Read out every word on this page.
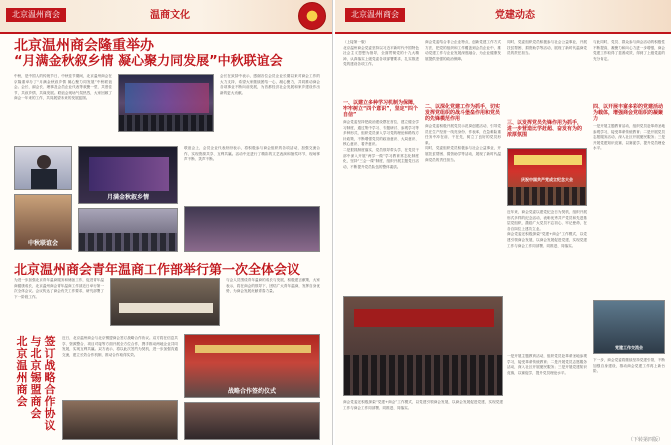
北京温州商会	温商文化
北京温州商会隆重举办
“月满金秋叙乡情 凝心聚力同发展”中秋联谊会
中秋，是中国人的传统节日，中秋佳节期间，北京温州商会在京隆重举办了“月满金秋叙乡情 凝心聚力同发展”中秋联谊会。会长、副会长、理事及会员企业代表等欢聚一堂，共度佳节，共叙乡情，共谋发展。联谊会现场气氛热烈，大家回顾了商会一年来的工作，共同展望未来的发展蓝图。
会长在致辞中表示，感谢各位会员企业长期以来对商会工作的大力支持，希望大家继续团结一心，凝心聚力，共同推动商会各项事业不断向前发展，为首都经济社会发展和家乡建设作出新的更大贡献。
月满金秋叙乡情
联谊会上，会员企业代表纷纷表示，将积极参与商会组织的各项活动，加强交流合作，实现资源共享、互利共赢。活动中还进行了精彩的文艺表演和抽奖环节，现场掌声不断、笑声不断。
中秋联谊会
北京温州商会青年温商工作部举行第一次全体会议
为进一步加强北京青年温商服务和储备工作，促进青年温商健康成长，北京温州商会青年温商工作部近日举行第一次全体会议。会议传达了商会有关工作要求，研究部署了下一阶段工作。
与会人员围绕青年温商的成长与发展，积极建言献策，大家表示，将在商会的领导下，团结广大青年温商，发挥自身优势，为商会发展贡献青春力量。
北京温州商会
与北京锡盟商会
签订战略合作协议
近日，北京温州商会与北京锡盟商会签订战略合作协议。双方将在信息共享、资源整合、项目对接等方面开展全方位合作，携手推动两地企业共同发展，实现互利共赢。双方表示，将以此次签约为契机，进一步加强沟通交流，建立长效合作机制，推动合作取得实效。
战略合作签约仪式
北京温州商会	党建动态
（上接第一版）
北京温州商会党委坚持以习近平新时代中国特色社会主义思想为指导，全面贯彻党的十九大精神，认真落实上级党委各项部署要求，扎实推进党的建设各项工作。
一、以建立多种学习机制为保障，牢牢树立“四个意识”，坚定“四个自信”
商会党委坚持把政治建设摆在首位，建立健全学习制度，通过集中学习、专题研讨、参观学习等多种形式，组织党员深入学习党的理论和路线方针政策，不断增强党员的政治意识、大局意识、核心意识、看齐意识。
二是狠抓制度落实，党员领导带头学，在党员干部中深入开展“两学一做”学习教育常态化制度化，坚持“三会一课”制度，组织开展主题党日活动，不断提升党员队伍的整体素质。
商会党委结合非公企业特点，创新党建工作方式方法，把党的组织和工作覆盖到会员企业中，推动党建工作与企业发展深度融合，为企业健康发展提供坚强的政治保障。
二、以深化党建工作为抓手，切实发挥党组织的战斗堡垒作用和党员的先锋模范作用
商会党委积极开展党员示范岗创建活动，引导党员在生产经营一线亮身份、作表率，在急难险重任务中冲在前、干在先，树立了良好的党员形象。
同时，党委组织党员积极参与社会公益事业，开展扶贫帮困、捐资助学等活动，展现了新时代温商党员的责任担当。
三、以发挥党员先锋作用为抓手，进一步营造比学赶超、奋发有为的浓厚氛围
庆祝中国共产党成立纪念大会
近年来，商会党委以建党纪念日为契机，组织开展形式多样的纪念活动，表彰优秀共产党员和先进基层党组织，激励广大党员不忘初心、牢记使命，在各自岗位上建功立业。
商会党委还积极探索“党建+商会”工作模式，以党建引领商会发展，以商会发展促进党建，实现党建工作与商会工作同部署、同推进、同落实。
同时，党委组织党员积极参与社会公益事业，开展扶贫帮困、捐资助学等活动，展现了新时代温商党员的责任担当。
与此同时，党员、群众参与商会活动的积极性不断提高，凝聚力和向心力进一步增强，商会党建工作取得了显著成效，得到了上级党委的充分肯定。
四、以开展丰富多彩的党建活动为载体，增强商会党组织的凝聚力
一是开展主题教育活动，组织党员赴革命圣地参观学习，接受革命传统教育；二是开展党员志愿服务活动，深入社区开展便民服务；三是开展党建知识竞赛，以赛促学，提升党员理论水平。
商会党委还积极探索“党建+商会”工作模式，以党建引领商会发展，以商会发展促进党建，实现党建工作与商会工作同部署、同推进、同落实。
党建工作交流会
下一步，商会党委将继续坚持党建引领，不断加强自身建设，推动商会党建工作再上新台阶。
一是开展主题教育活动，组织党员赴革命圣地参观学习，接受革命传统教育；二是开展党员志愿服务活动，深入社区开展便民服务；三是开展党建知识竞赛，以赛促学，提升党员理论水平。
（下转第四版）
